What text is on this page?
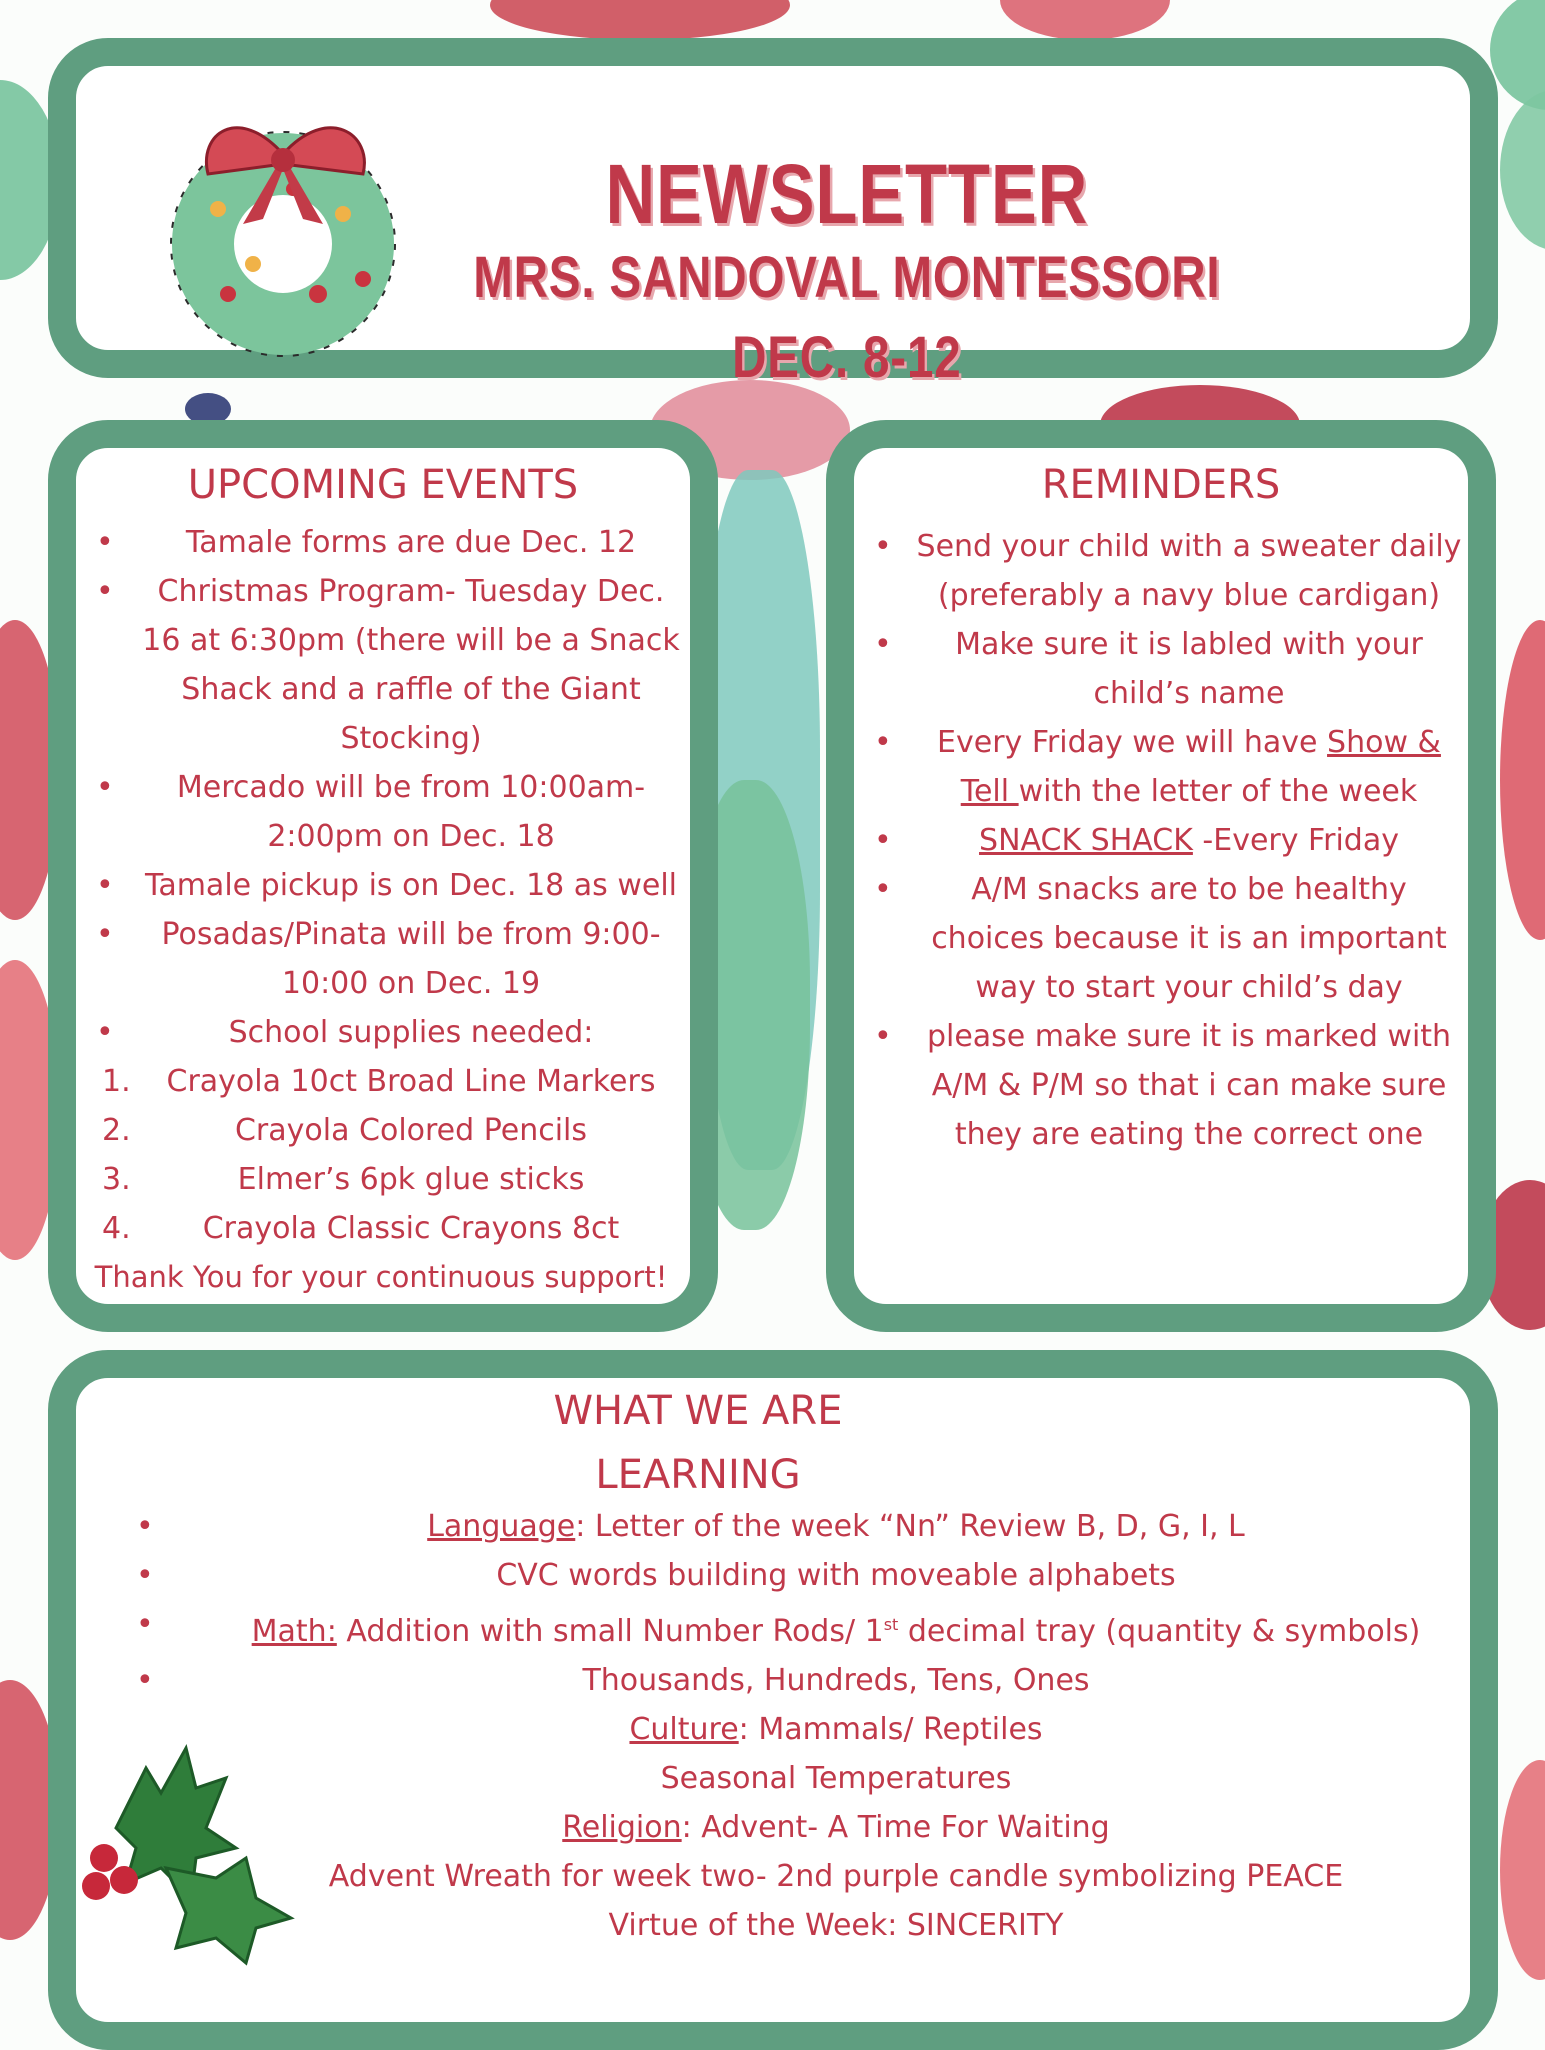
NEWSLETTER
MRS. SANDOVAL MONTESSORI
DEC. 8-12
UPCOMING EVENTS
• Tamale forms are due Dec. 12
• Christmas Program- Tuesday Dec. 16 at 6:30pm (there will be a Snack Shack and a raffle of the Giant Stocking)
• Mercado will be from 10:00am-2:00pm on Dec. 18
• Tamale pickup is on Dec. 18 as well
• Posadas/Pinata will be from 9:00-10:00 on Dec. 19
• School supplies needed:
1. Crayola 10ct Broad Line Markers
2.	Crayola Colored Pencils
3.	Elmer’s 6pk glue sticks
4. Crayola Classic Crayons 8ct
Thank You for your continuous support!
REMINDERS
• Send your child with a sweater daily (preferably a navy blue cardigan)
• Make sure it is labled with your child’s name
• Every Friday we will have Show & Tell with the letter of the week
• SNACK SHACK -Every Friday
• A/M snacks are to be healthy choices because it is an important way to start your child’s day
• please make sure it is marked with A/M & P/M so that i can make sure they are eating the correct one
WHAT WE ARE
LEARNING
• Language: Letter of the week “Nn” Review B, D, G, I, L
• CVC words building with moveable alphabets
• Math: Addition with small Number Rods/ 1st decimal tray (quantity & symbols)
• Thousands, Hundreds, Tens, Ones
Culture: Mammals/ Reptiles
Seasonal Temperatures
Religion: Advent- A Time For Waiting
Advent Wreath for week two- 2nd purple candle symbolizing PEACE
Virtue of the Week: SINCERITY
